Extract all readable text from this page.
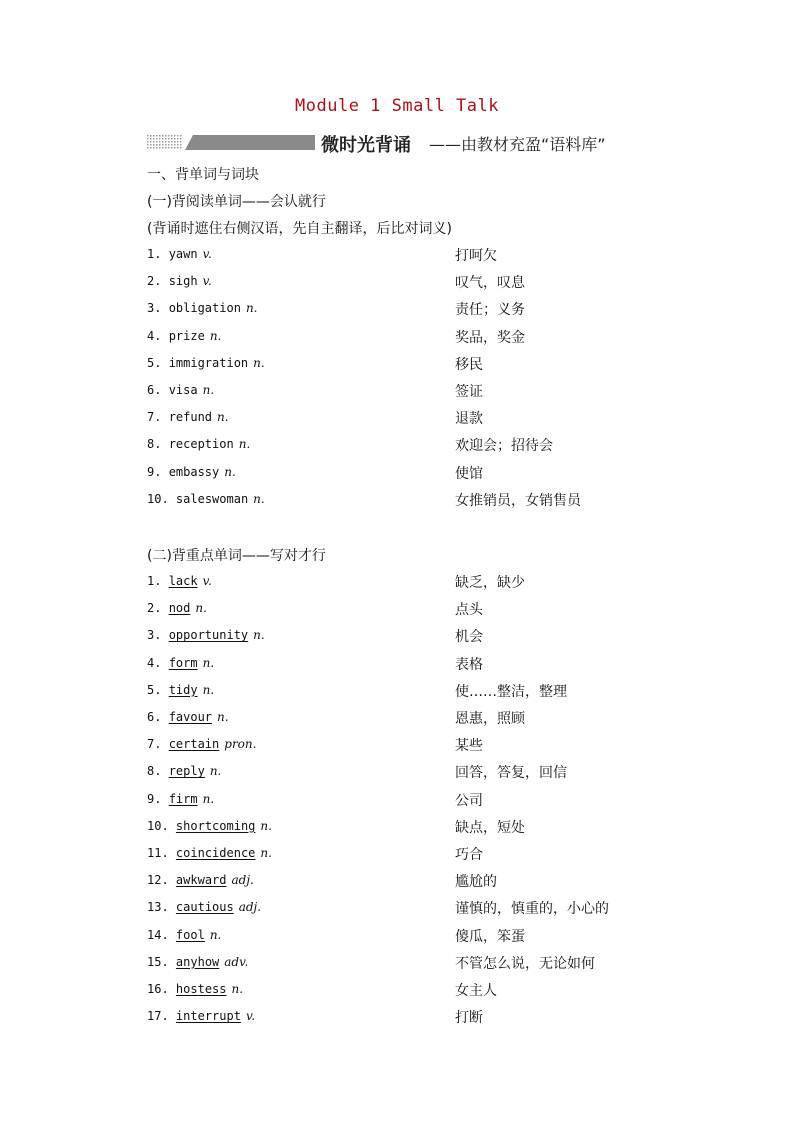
Module 1 Small Talk
微时光背诵 ——由教材充盈“语料库”
一、背单词与词块
(一)背阅读单词——会认就行
(背诵时遮住右侧汉语，先自主翻译，后比对词义)
1. yawn v.	打呵欠
2. sigh v.	叹气，叹息
3. obligation n.	责任；义务
4. prize n.	奖品，奖金
5. immigration n.	移民
6. visa n.	签证
7. refund n.	退款
8. reception n.	欢迎会；招待会
9. embassy n.	使馆
10. saleswoman n.	女推销员，女销售员
(二)背重点单词——写对才行
1. lack v.	缺乏，缺少
2. nod n.	点头
3. opportunity n.	机会
4. form n.	表格
5. tidy n.	使……整洁，整理
6. favour n.	恩惠，照顾
7. certain pron.	某些
8. reply n.	回答，答复，回信
9. firm n.	公司
10. shortcoming n.	缺点，短处
11. coincidence n.	巧合
12. awkward adj.	尴尬的
13. cautious adj.	谨慎的，慎重的，小心的
14. fool n.	傻瓜，笨蛋
15. anyhow adv.	不管怎么说，无论如何
16. hostess n.	女主人
17. interrupt v.	打断
